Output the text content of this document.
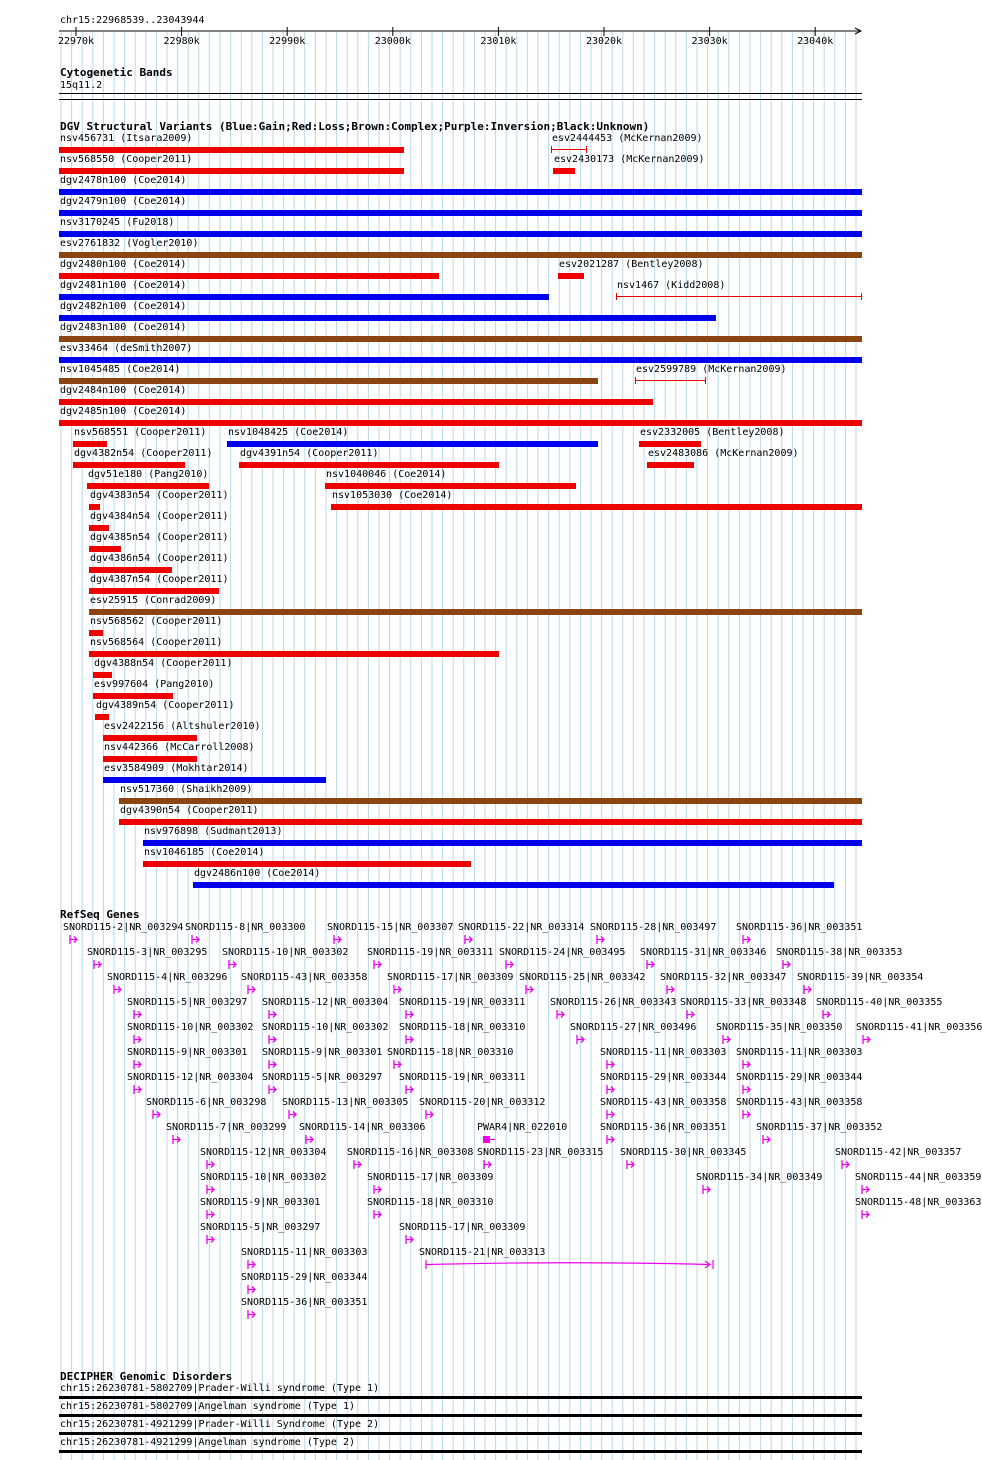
chr15:22968539..23043944
22970k	22980k	22990k	23000k	23010k	23020k	23030k	23040k
Cytogenetic Bands
15q11.2
DGV Structural Variants (Blue:Gain;Red:Loss;Brown:Complex;Purple:Inversion;Black:Unknown)
nsv456731 (Itsara2009)	esv2444453 (McKernan2009)
nsv568550 (Cooper2011)	esv2430173 (McKernan2009)
dgv2478n100 (Coe2014)
dgv2479n100 (Coe2014)
nsv3170245 (Fu2018)
esv2761832 (Vogler2010)
dgv2480n100 (Coe2014)	esv2021287 (Bentley2008)
dgv2481n100 (Coe2014)	nsv1467 (Kidd2008)
dgv2482n100 (Coe2014)
dgv2483n100 (Coe2014)
esv33464 (deSmith2007)
nsv1045485 (Coe2014)	esv2599789 (McKernan2009)
dgv2484n100 (Coe2014)
dgv2485n100 (Coe2014)
nsv568551 (Cooper2011) nsv1048425 (Coe2014)	esv2332005 (Bentley2008)
dgv4382n54 (Cooper2011)	dgv4391n54 (Cooper2011)	esv2483086 (McKernan2009)
dgv51e180 (Pang2010)	nsv1040046 (Coe2014)
dgv4383n54 (Cooper2011)	nsv1053030 (Coe2014)
dgv4384n54 (Cooper2011)
dgv4385n54 (Cooper2011)
dgv4386n54 (Cooper2011)
dgv4387n54 (Cooper2011)
esv25915 (Conrad2009)
nsv568562 (Cooper2011)
nsv568564 (Cooper2011)
dgv4388n54 (Cooper2011)
esv997604 (Pang2010)
dgv4389n54 (Cooper2011)
esv2422156 (Altshuler2010)
nsv442366 (McCarroll2008)
esv3584909 (Mokhtar2014)
nsv517360 (Shaikh2009)
dgv4390n54 (Cooper2011)
nsv976898 (Sudmant2013)
nsv1046185 (Coe2014)
dgv2486n100 (Coe2014)
SNORD115-2|NR_003294 SNORD115-8|NR_003300 SNORD115-15|NR_003307 SNORD115-22|NR_003314 SNORD115-28|NR_003497 SNORD115-36|NR_003351
SNORD115-3|NR_003295 SNORD115-10|NR_003302 SNORD115-19|NR_003311 SNORD115-24|NR_003495 SNORD115-31|NR_003346 SNORD115-38|NR_003353
SNORD115-4|NR_003296 SNORD115-43|NR_003358 SNORD115-17|NR_003309 SNORD115-25|NR_003342 SNORD115-32|NR_003347 SNORD115-39|NR_003354
SNORD115-5|NR_003297 SNORD115-12|NR_003304 SNORD115-19|NR_003311 SNORD115-26|NR_003343 SNORD115-33|NR_003348 SNORD115-40|NR_003355
SNORD115-10|NR_003302 SNORD115-10|NR_003302 SNORD115-18|NR_003310	SNORD115-27|NR_003496 SNORD115-35|NR_003350 SNORD115-41|NR_003356
SNORD115-9|NR_003301 SNORD115-9|NR_003301 SNORD115-18|NR_003310	SNORD115-11|NR_003303 SNORD115-11|NR_003303
SNORD115-12|NR_003304 SNORD115-5|NR_003297 SNORD115-19|NR_003311	SNORD115-29|NR_003344 SNORD115-29|NR_003344
SNORD115-6|NR_003298 SNORD115-13|NR_003305 SNORD115-20|NR_003312	SNORD115-43|NR_003358 SNORD115-43|NR_003358
SNORD115-7|NR_003299 SNORD115-14|NR_003306	PWAR4|NR_022010	SNORD115-36|NR_003351	SNORD115-37|NR_003352
SNORD115-12|NR_003304 SNORD115-16|NR_003308 SNORD115-23|NR_003315 SNORD115-30|NR_003345	SNORD115-42|NR_003357
SNORD115-10|NR_003302	SNORD115-17|NR_003309	SNORD115-34|NR_003349	SNORD115-44|NR_003359
SNORD115-9|NR_003301	SNORD115-18|NR_003310	SNORD115-48|NR_003363
SNORD115-5|NR_003297	SNORD115-17|NR_003309
SNORD115-11|NR_003303	SNORD115-21|NR_003313
SNORD115-29|NR_003344
SNORD115-36|NR_003351
chr15:26230781-5802709|Prader-Willi syndrome (Type 1)
chr15:26230781-5802709|Angelman syndrome (Type 1)
chr15:26230781-4921299|Prader-Willi Syndrome (Type 2)
chr15:26230781-4921299|Angelman syndrome (Type 2)
RefSeq Genes
DECIPHER Genomic Disorders
